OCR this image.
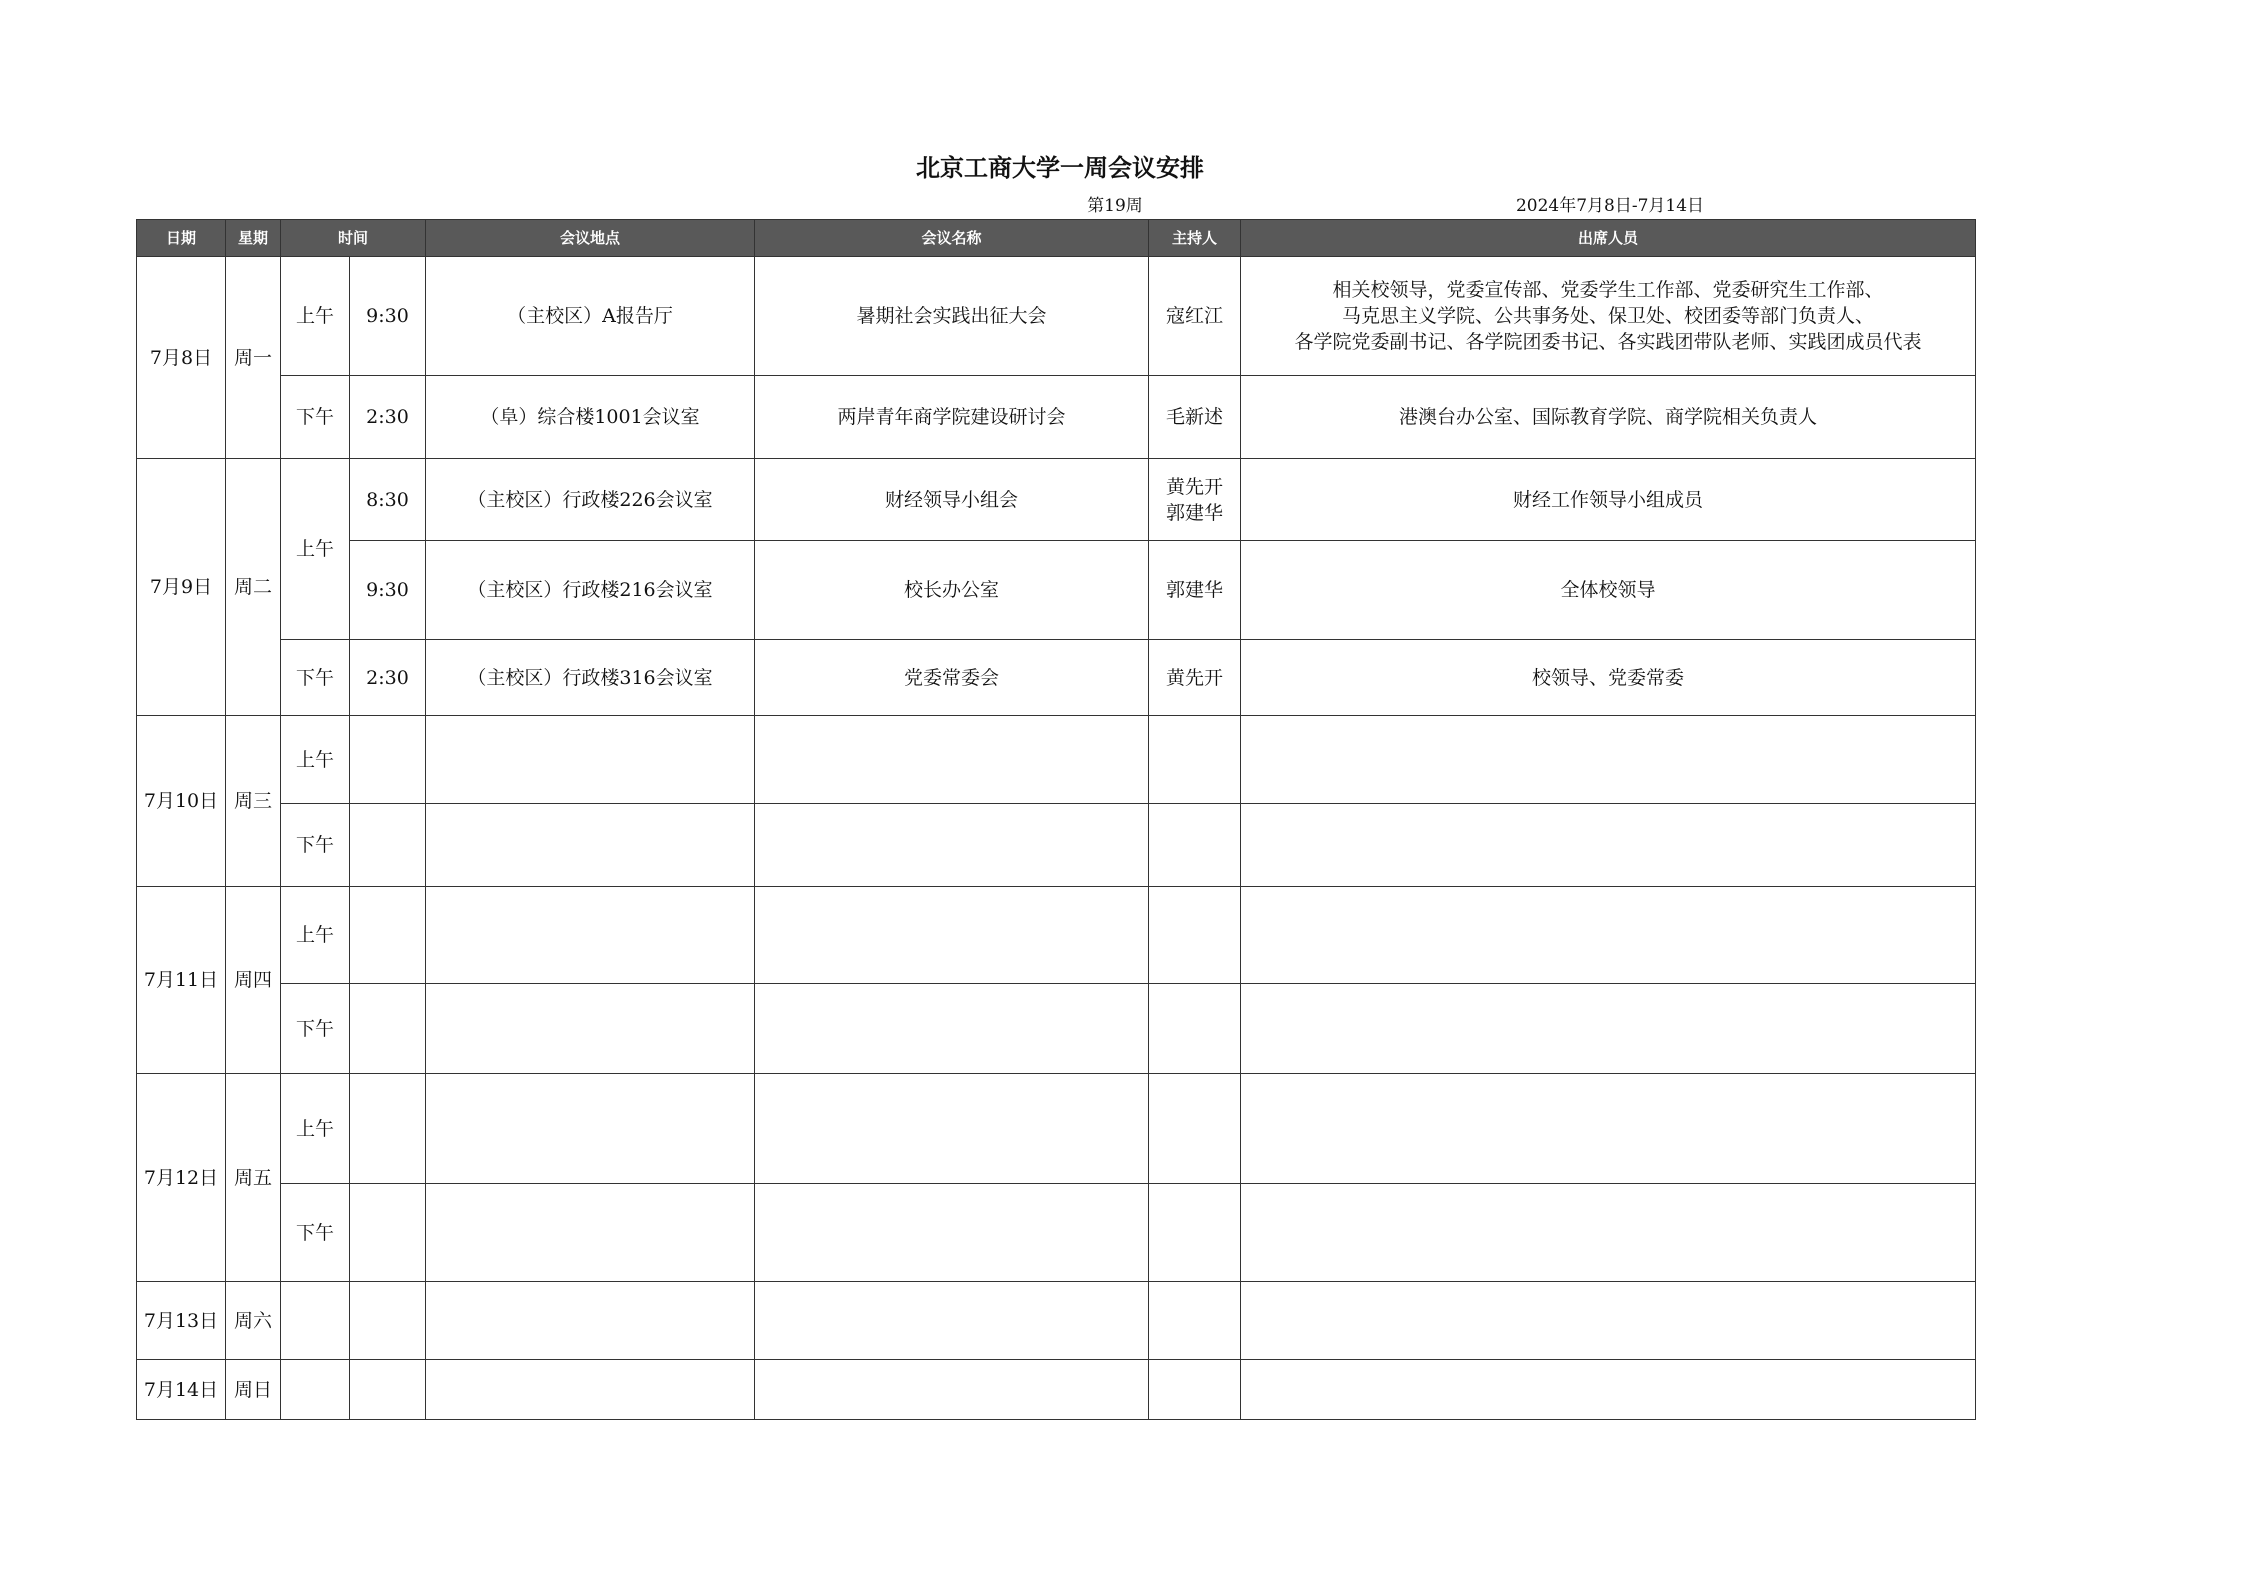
北京工商大学一周会议安排
第19周	2024年7月8日-7月14日
日期	星期	时间		会议地点	会议名称	主持人	出席人员
7月8日	周一	上午	9:30	（主校区）A报告厅	暑期社会实践出征大会	寇红江	相关校领导，党委宣传部、党委学生工作部、党委研究生工作部、
马克思主义学院、公共事务处、保卫处、校团委等部门负责人、
各学院党委副书记、各学院团委书记、各实践团带队老师、实践团成员代表

		下午	2:30	（阜）综合楼1001会议室	两岸青年商学院建设研讨会	毛新述	港澳台办公室、国际教育学院、商学院相关负责人
7月9日	周二	上午	8:30	（主校区）行政楼226会议室	财经领导小组会	黄先开
郭建华	财经工作领导小组成员
			9:30	（主校区）行政楼216会议室	校长办公室	郭建华	全体校领导
		下午	2:30	（主校区）行政楼316会议室	党委常委会	黄先开	校领导、党委常委
7月10日	周三	上午					
		下午					
7月11日	周四	上午					
		下午					
7月12日	周五	上午					
		下午					
7月13日	周六						
7月14日	周日						
